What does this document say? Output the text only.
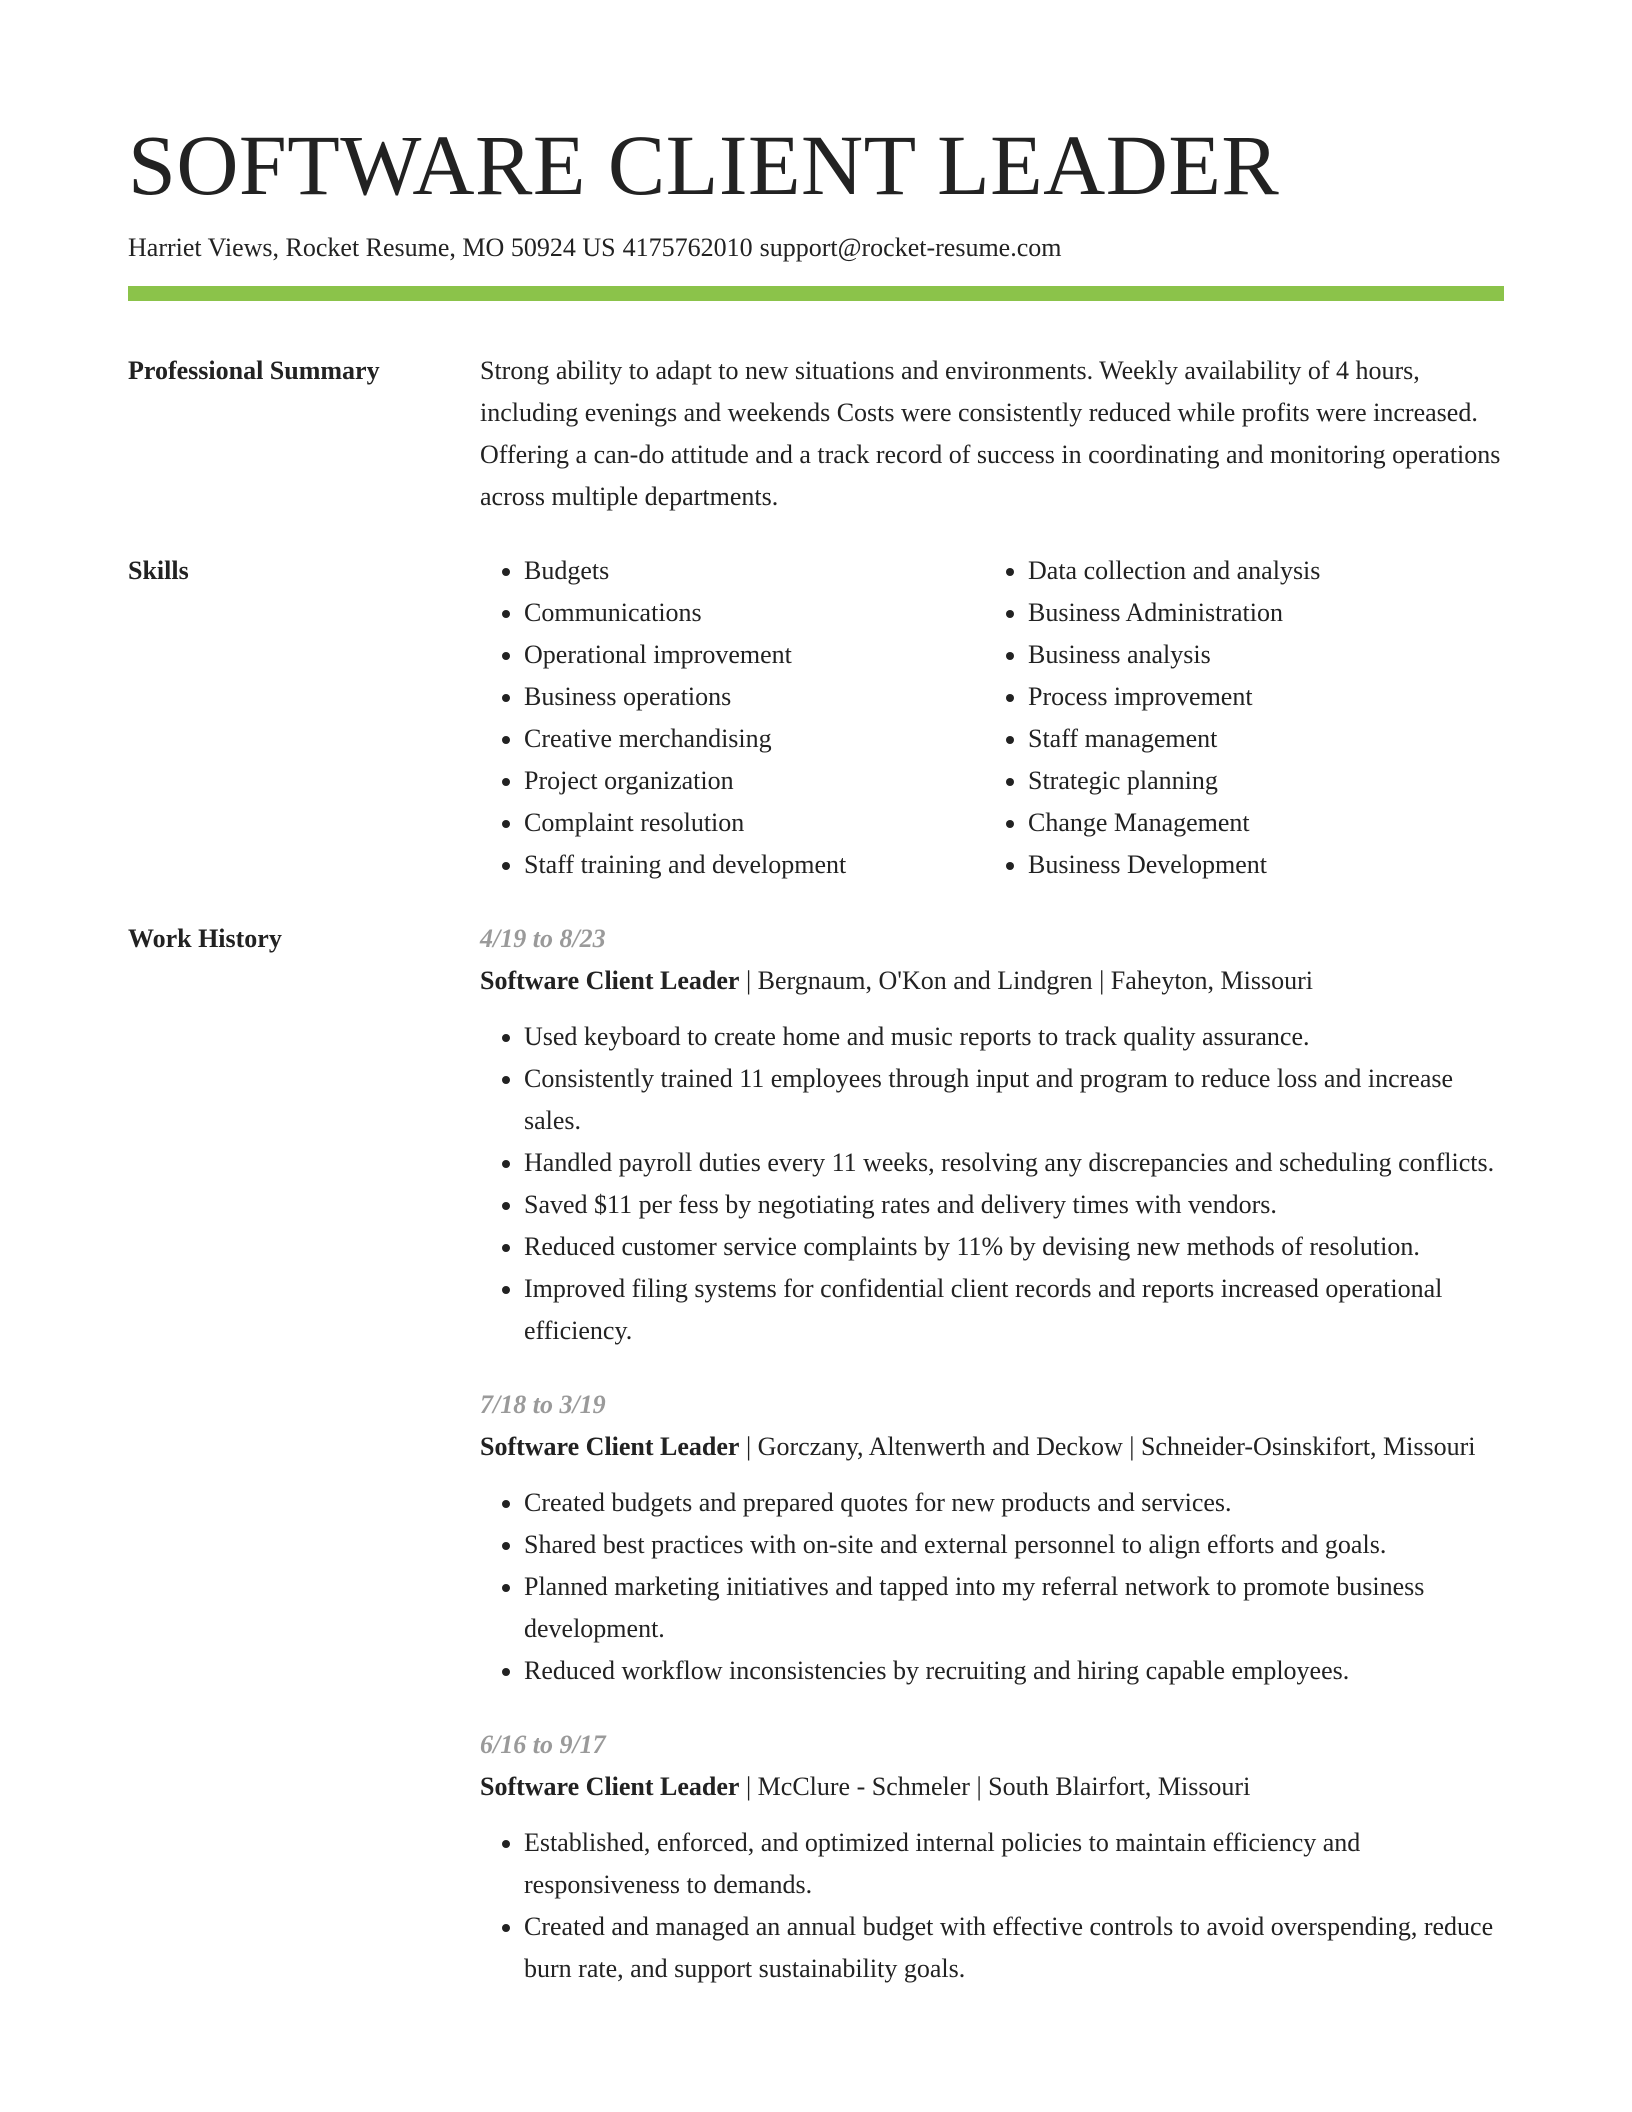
SOFTWARE CLIENT LEADER
Harriet Views, Rocket Resume, MO 50924 US 4175762010 support@rocket-resume.com
Professional Summary	Strong ability to adapt to new situations and environments. Weekly availability of 4 hours, including evenings and weekends Costs were consistently reduced while profits were increased. Offering a can-do attitude and a track record of success in coordinating and monitoring operations across multiple departments.

Skills
•	Budgets
• Communications
• Operational improvement
• Business operations
• Creative merchandising
• Project organization
• Complaint resolution
• Staff training and development
• Data collection and analysis
• Business Administration
• Business analysis
• Process improvement
• Staff management
• Strategic planning
• Change Management
• Business Development
Work History	4/19 to 8/23
Software Client Leader | Bergnaum, O'Kon and Lindgren | Faheyton, Missouri
• Used keyboard to create home and music reports to track quality assurance.
• Consistently trained 11 employees through input and program to reduce loss and increase sales.
• Handled payroll duties every 11 weeks, resolving any discrepancies and scheduling conflicts.
• Saved $11 per fess by negotiating rates and delivery times with vendors.
• Reduced customer service complaints by 11% by devising new methods of resolution.
• Improved filing systems for confidential client records and reports increased operational efficiency.
7/18 to 3/19
Software Client Leader | Gorczany, Altenwerth and Deckow | Schneider-Osinskifort, Missouri
• Created budgets and prepared quotes for new products and services.
• Shared best practices with on-site and external personnel to align efforts and goals.
• Planned marketing initiatives and tapped into my referral network to promote business development.
• Reduced workflow inconsistencies by recruiting and hiring capable employees.
6/16 to 9/17
Software Client Leader | McClure - Schmeler | South Blairfort, Missouri
• Established, enforced, and optimized internal policies to maintain efficiency and responsiveness to demands.
• Created and managed an annual budget with effective controls to avoid overspending, reduce burn rate, and support sustainability goals.
